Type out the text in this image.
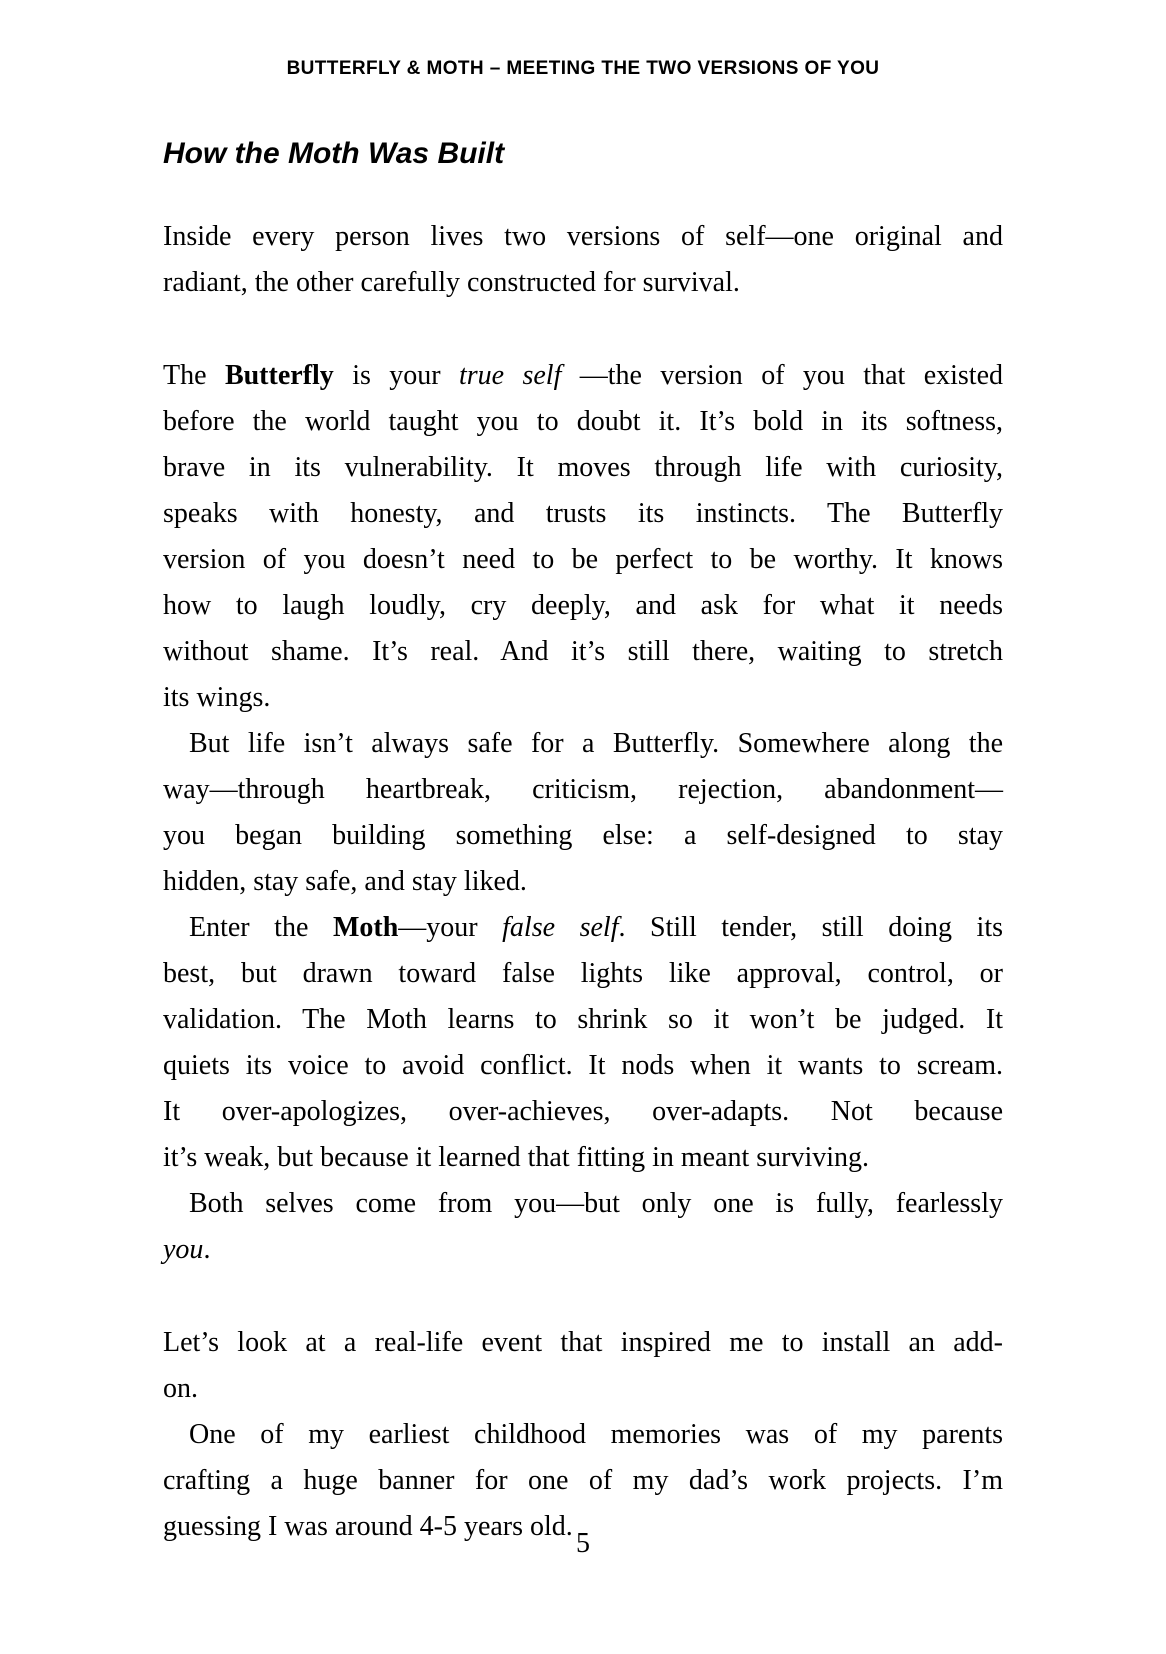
BUTTERFLY & MOTH – MEETING THE TWO VERSIONS OF YOU
How the Moth Was Built
Inside every person lives two versions of self—one original and
radiant, the other carefully constructed for survival.
The Butterfly is your true self —the version of you that existed
before the world taught you to doubt it. It’s bold in its softness,
brave in its vulnerability. It moves through life with curiosity,
speaks with honesty, and trusts its instincts. The Butterfly
version of you doesn’t need to be perfect to be worthy. It knows
how to laugh loudly, cry deeply, and ask for what it needs
without shame. It’s real. And it’s still there, waiting to stretch
its wings.
But life isn’t always safe for a Butterfly. Somewhere along the
way—through heartbreak, criticism, rejection, abandonment—
you began building something else: a self-designed to stay
hidden, stay safe, and stay liked.
Enter the Moth—your false self. Still tender, still doing its
best, but drawn toward false lights like approval, control, or
validation. The Moth learns to shrink so it won’t be judged. It
quiets its voice to avoid conflict. It nods when it wants to scream.
It over-apologizes, over-achieves, over-adapts. Not because
it’s weak, but because it learned that fitting in meant surviving.
Both selves come from you—but only one is fully, fearlessly
you.
Let’s look at a real-life event that inspired me to install an add-
on.
One of my earliest childhood memories was of my parents
crafting a huge banner for one of my dad’s work projects. I’m
guessing I was around 4-5 years old.
5
